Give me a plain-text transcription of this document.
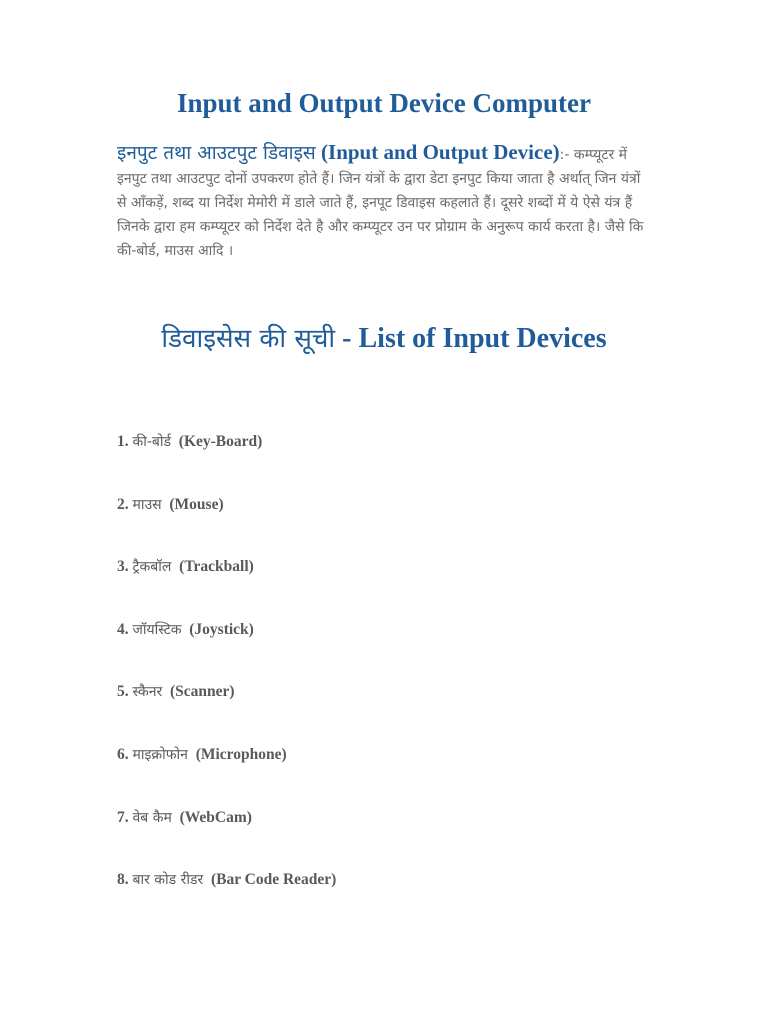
Input and Output Device Computer
इनपुट तथा आउटपुट डिवाइस (Input and Output Device):- कम्प्यूटर में इनपुट तथा आउटपुट दोनों उपकरण होते हैं। जिन यंत्रों के द्वारा डेटा इनपुट किया जाता है अर्थात् जिन यंत्रों से आँकड़ें, शब्द या निर्देश मेमोरी में डाले जाते हैं, इनपूट डिवाइस कहलाते हैं। दूसरे शब्दों में ये ऐसे यंत्र हैं जिनके द्वारा हम कम्प्यूटर को निर्देश देते है और कम्प्यूटर उन पर प्रोग्राम के अनुरूप कार्य करता है। जैसे कि की-बोर्ड, माउस आदि ।
डिवाइसेस की सूची - List of Input Devices
1. की-बोर्ड (Key-Board)
2. माउस (Mouse)
3. ट्रैकबॉल (Trackball)
4. जॉयस्टिक (Joystick)
5. स्कैनर (Scanner)
6. माइक्रोफोन (Microphone)
7. वेब कैम (WebCam)
8. बार कोड रीडर (Bar Code Reader)
